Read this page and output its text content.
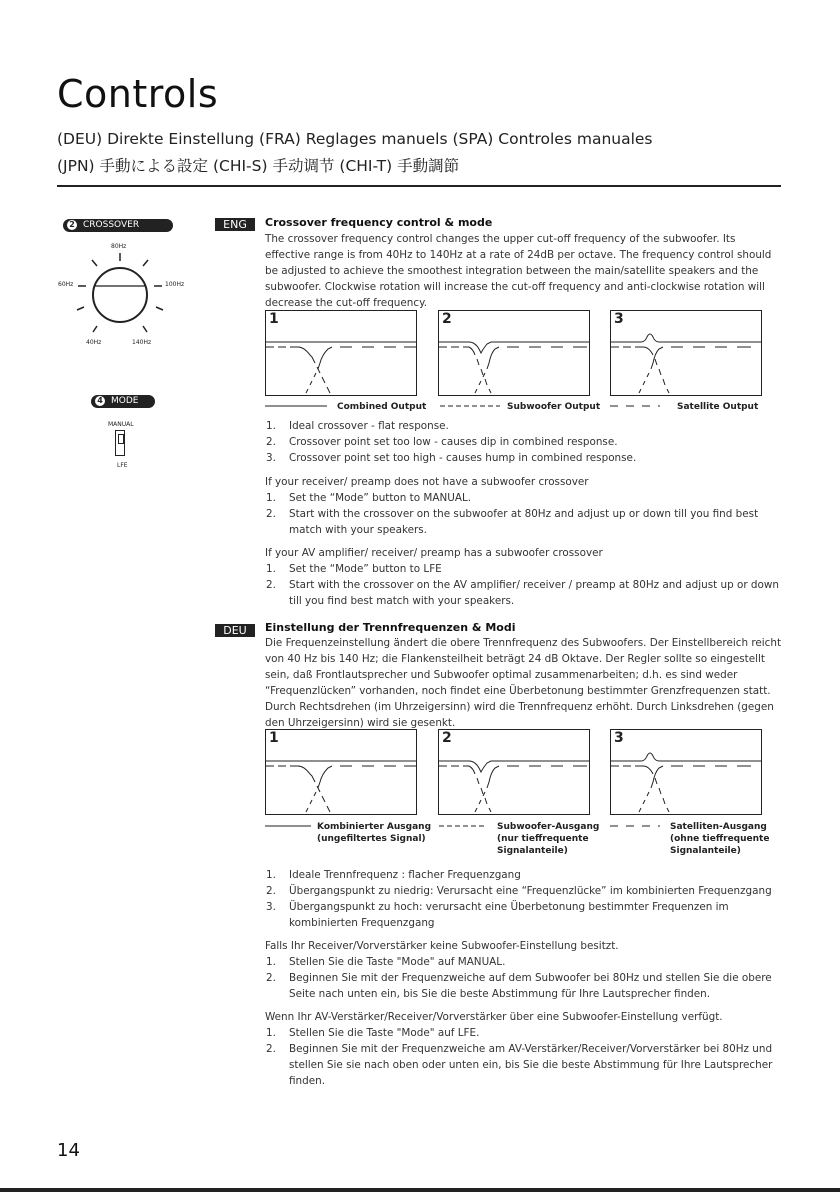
Controls
(DEU) Direkte Einstellung (FRA) Reglages manuels (SPA) Controles manuales
(JPN) 手動による設定 (CHI-S) 手动调节 (CHI-T) 手動調節
2 CROSSOVER
80Hz
60Hz	100Hz
40Hz	140Hz
4 MODE
MANUAL
LFE
ENG	Crossover frequency control & mode
The crossover frequency control changes the upper cut-off frequency of the subwoofer. Its
effective range is from 40Hz to 140Hz at a rate of 24dB per octave. The frequency control should
be adjusted to achieve the smoothest integration between the main/satellite speakers and the
subwoofer. Clockwise rotation will increase the cut-off frequency and anti-clockwise rotation will
decrease the cut-off frequency.
1	2	3
Combined Output	Subwoofer Output	Satellite Output
1. Ideal crossover - flat response.
2. Crossover point set too low - causes dip in combined response.
3. Crossover point set too high - causes hump in combined response.
If your receiver/ preamp does not have a subwoofer crossover
1. Set the “Mode” button to MANUAL.
2. Start with the crossover on the subwoofer at 80Hz and adjust up or down till you find best
match with your speakers.
If your AV amplifier/ receiver/ preamp has a subwoofer crossover
1. Set the “Mode” button to LFE
2. Start with the crossover on the AV amplifier/ receiver / preamp at 80Hz and adjust up or down
till you find best match with your speakers.
DEU	Einstellung der Trennfrequenzen & Modi
Die Frequenzeinstellung ändert die obere Trennfrequenz des Subwoofers. Der Einstellbereich reicht
von 40 Hz bis 140 Hz; die Flankensteilheit beträgt 24 dB Oktave. Der Regler sollte so eingestellt
sein, daß Frontlautsprecher und Subwoofer optimal zusammenarbeiten; d.h. es sind weder
“Frequenzlücken” vorhanden, noch findet eine Überbetonung bestimmter Grenzfrequenzen statt.
Durch Rechtsdrehen (im Uhrzeigersinn) wird die Trennfrequenz erhöht. Durch Linksdrehen (gegen
den Uhrzeigersinn) wird sie gesenkt.
1	2	3
Kombinierter Ausgang
(ungefiltertes Signal)
Subwoofer-Ausgang
(nur tieffrequente
Signalanteile)
Satelliten-Ausgang
(ohne tieffrequente
Signalanteile)
1. Ideale Trennfrequenz : flacher Frequenzgang
2. Übergangspunkt zu niedrig: Verursacht eine “Frequenzlücke” im kombinierten Frequenzgang
3. Übergangspunkt zu hoch: verursacht eine Überbetonung bestimmter Frequenzen im
kombinierten Frequenzgang
Falls Ihr Receiver/Vorverstärker keine Subwoofer-Einstellung besitzt.
1. Stellen Sie die Taste "Mode" auf MANUAL.
2. Beginnen Sie mit der Frequenzweiche auf dem Subwoofer bei 80Hz und stellen Sie die obere
Seite nach unten ein, bis Sie die beste Abstimmung für Ihre Lautsprecher finden.
Wenn Ihr AV-Verstärker/Receiver/Vorverstärker über eine Subwoofer-Einstellung verfügt.
1. Stellen Sie die Taste "Mode" auf LFE.
2. Beginnen Sie mit der Frequenzweiche am AV-Verstärker/Receiver/Vorverstärker bei 80Hz und
stellen Sie sie nach oben oder unten ein, bis Sie die beste Abstimmung für Ihre Lautsprecher
finden.
14
